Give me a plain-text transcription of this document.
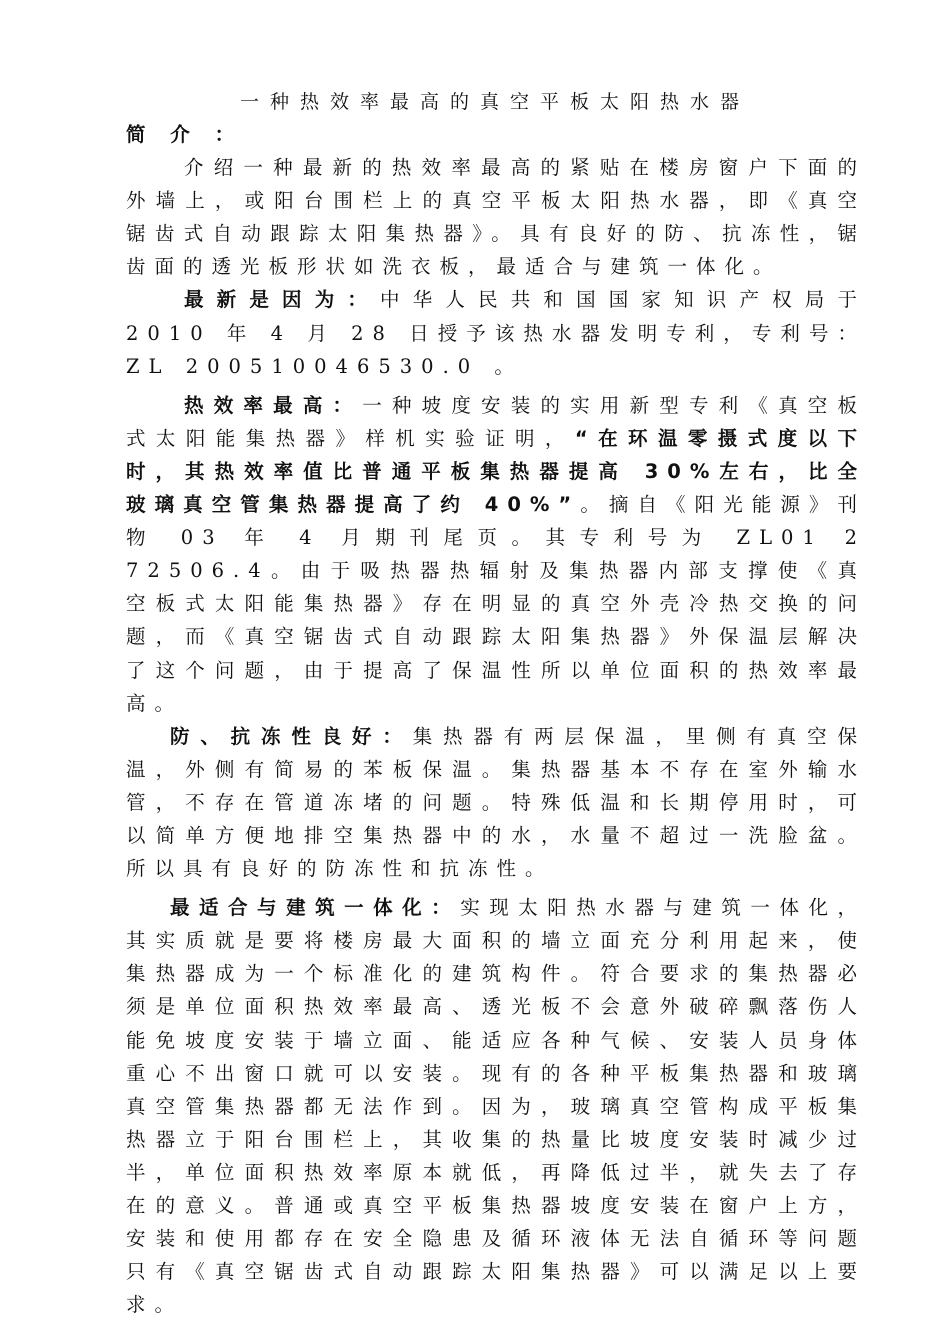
一种热效率最高的真空平板太阳热水器

简 介 ：

介绍一种最新的热效率最高的紧贴在楼房窗户下面的外墙上，或阳台围栏上的真空平板太阳热水器，即《真空锯齿式自动跟踪太阳集热器》。具有良好的防、抗冻性，锯齿面的透光板形状如洗衣板，最适合与建筑一体化。

最新是因为：中华人民共和国国家知识产权局于 2010 年 4 月 28 日授予该热水器发明专利，专利号： ZL 200510046530.0 。

热效率最高：一种坡度安装的实用新型专利《真空板式太阳能集热器》样机实验证明，“在环温零摄式度以下时，其热效率值比普通平板集热器提高 30%左右，比全玻璃真空管集热器提高了约 40%”。摘自《阳光能源》刊物 03 年 4 月期刊尾页。其专利号为 ZL01 2 72506.4。由于吸热器热辐射及集热器内部支撑使《真空板式太阳能集热器》存在明显的真空外壳冷热交换的问题，而《真空锯齿式自动跟踪太阳集热器》外保温层解决了这个问题，由于提高了保温性所以单位面积的热效率最高。

防、抗冻性良好：集热器有两层保温，里侧有真空保温，外侧有简易的苯板保温。集热器基本不存在室外输水管，不存在管道冻堵的问题。特殊低温和长期停用时，可以简单方便地排空集热器中的水，水量不超过一洗脸盆。所以具有良好的防冻性和抗冻性。

最适合与建筑一体化：实现太阳热水器与建筑一体化，其实质就是要将楼房最大面积的墙立面充分利用起来，使集热器成为一个标准化的建筑构件。符合要求的集热器必须是单位面积热效率最高、透光板不会意外破碎飘落伤人能免坡度安装于墙立面、能适应各种气候、安装人员身体重心不出窗口就可以安装。现有的各种平板集热器和玻璃真空管集热器都无法作到。因为，玻璃真空管构成平板集热器立于阳台围栏上，其收集的热量比坡度安装时减少过半，单位面积热效率原本就低，再降低过半，就失去了存在的意义。普通或真空平板集热器坡度安装在窗户上方，安装和使用都存在安全隐患及循环液体无法自循环等问题只有《真空锯齿式自动跟踪太阳集热器》可以满足以上要求。
